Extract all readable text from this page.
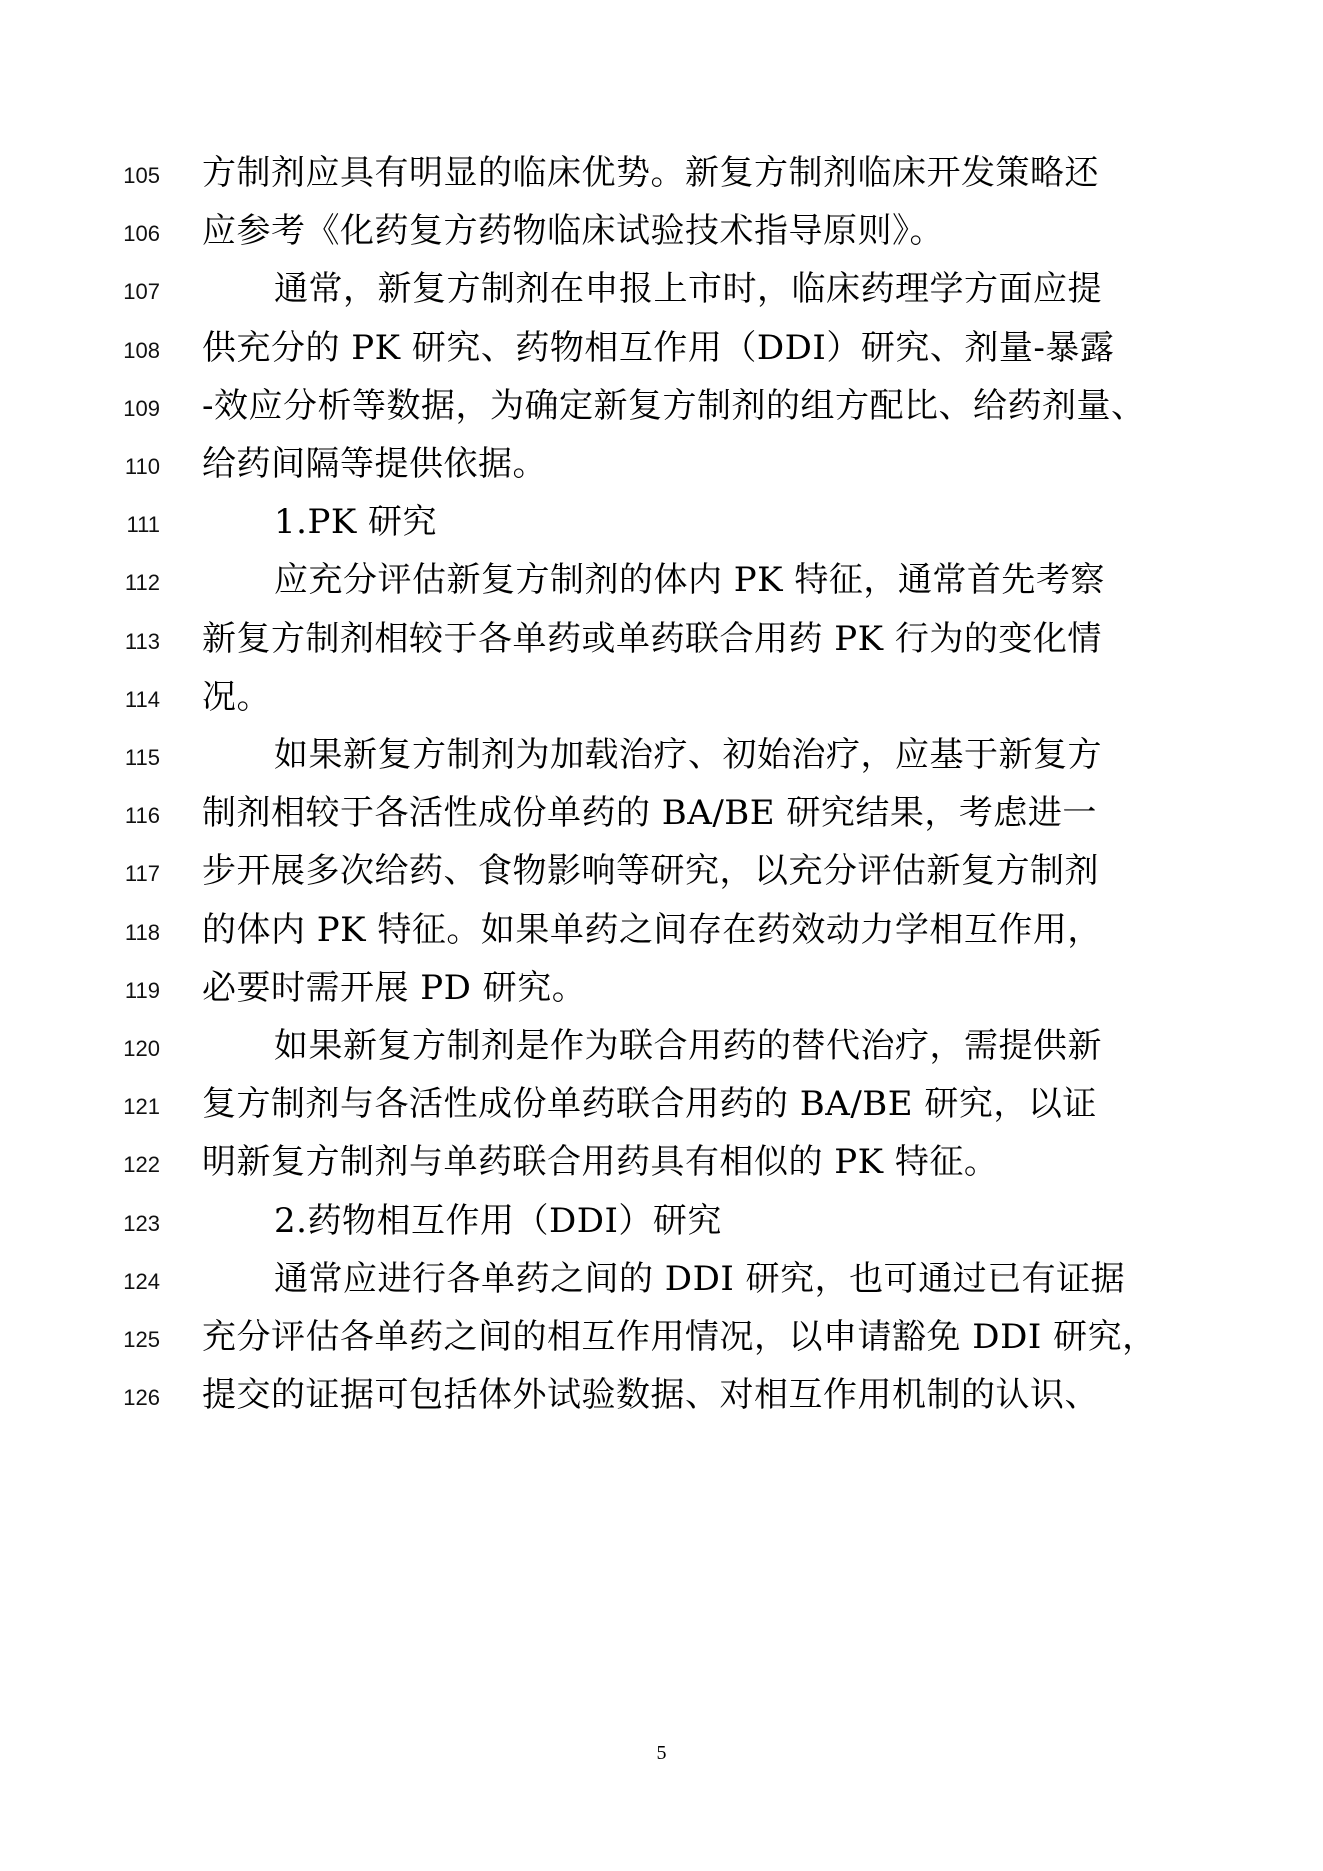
105 方制剂应具有明显的临床优势。新复方制剂临床开发策略还
106 应参考《化药复方药物临床试验技术指导原则》。
107	通常，新复方制剂在申报上市时，临床药理学方面应提
108 供充分的 PK 研究、药物相互作用（DDI）研究、剂量-暴露
109 -效应分析等数据，为确定新复方制剂的组方配比、给药剂量、
110 给药间隔等提供依据。
111	1.PK 研究
112	应充分评估新复方制剂的体内 PK 特征，通常首先考察
113 新复方制剂相较于各单药或单药联合用药 PK 行为的变化情
114 况。
115	如果新复方制剂为加载治疗、初始治疗，应基于新复方
116 制剂相较于各活性成份单药的 BA/BE 研究结果，考虑进一
117 步开展多次给药、食物影响等研究，以充分评估新复方制剂
118 的体内 PK 特征。如果单药之间存在药效动力学相互作用，
119 必要时需开展 PD 研究。
120	如果新复方制剂是作为联合用药的替代治疗，需提供新
121 复方制剂与各活性成份单药联合用药的 BA/BE 研究，以证
122 明新复方制剂与单药联合用药具有相似的 PK 特征。
123	2.药物相互作用（DDI）研究
124	通常应进行各单药之间的 DDI 研究，也可通过已有证据
125 充分评估各单药之间的相互作用情况，以申请豁免 DDI 研究，
126 提交的证据可包括体外试验数据、对相互作用机制的认识、
5
